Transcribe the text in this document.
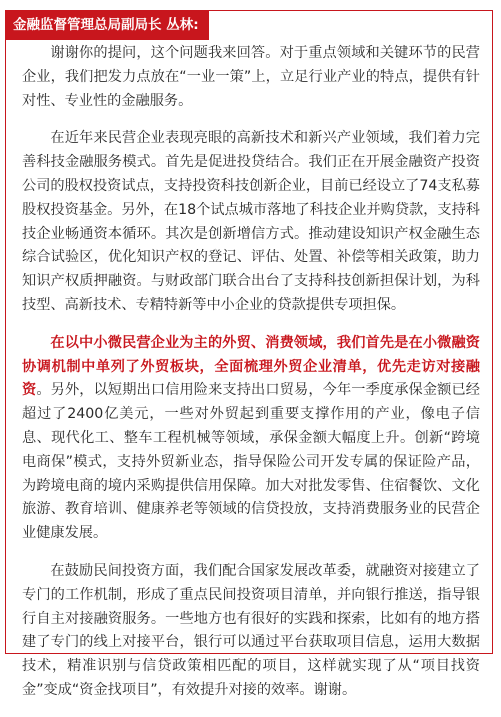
金融监督管理总局副局长 丛林:

谢谢你的提问，这个问题我来回答。对于重点领域和关键环节的民营企业，我们把发力点放在“一业一策”上，立足行业产业的特点，提供有针对性、专业性的金融服务。

在近年来民营企业表现亮眼的高新技术和新兴产业领域，我们着力完善科技金融服务模式。首先是促进投贷结合。我们正在开展金融资产投资公司的股权投资试点，支持投资科技创新企业，目前已经设立了74支私募股权投资基金。另外，在18个试点城市落地了科技企业并购贷款，支持科技企业畅通资本循环。其次是创新增信方式。推动建设知识产权金融生态综合试验区，优化知识产权的登记、评估、处置、补偿等相关政策，助力知识产权质押融资。与财政部门联合出台了支持科技创新担保计划，为科技型、高新技术、专精特新等中小企业的贷款提供专项担保。

在以中小微民营企业为主的外贸、消费领域，我们首先是在小微融资协调机制中单列了外贸板块，全面梳理外贸企业清单，优先走访对接融资。另外，以短期出口信用险来支持出口贸易，今年一季度承保金额已经超过了2400亿美元，一些对外贸起到重要支撑作用的产业，像电子信息、现代化工、整车工程机械等领域，承保金额大幅度上升。创新“跨境电商保”模式，支持外贸新业态，指导保险公司开发专属的保证险产品，为跨境电商的境内采购提供信用保障。加大对批发零售、住宿餐饮、文化旅游、教育培训、健康养老等领域的信贷投放，支持消费服务业的民营企业健康发展。

在鼓励民间投资方面，我们配合国家发展改革委，就融资对接建立了专门的工作机制，形成了重点民间投资项目清单，并向银行推送，指导银行自主对接融资服务。一些地方也有很好的实践和探索，比如有的地方搭建了专门的线上对接平台，银行可以通过平台获取项目信息，运用大数据技术，精准识别与信贷政策相匹配的项目，这样就实现了从“项目找资金”变成“资金找项目”，有效提升对接的效率。谢谢。
